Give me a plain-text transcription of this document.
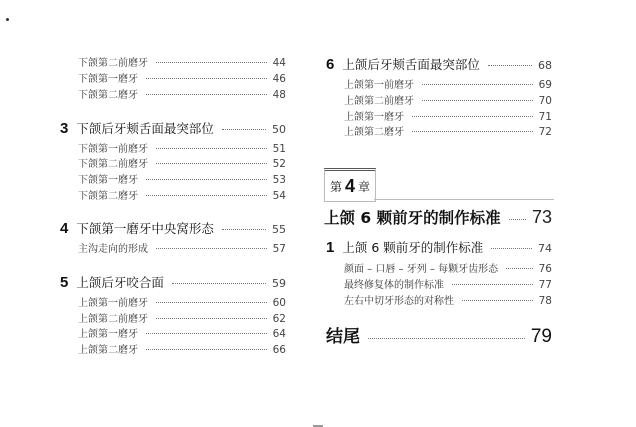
下颌第二前磨牙	44
下颌第一磨牙	46
下颌第二磨牙	48
3 下颌后牙颊舌面最突部位	50
下颌第一前磨牙	51
下颌第二前磨牙	52
下颌第一磨牙	53
下颌第二磨牙	54
4 下颌第一磨牙中央窝形态	55
主沟走向的形成	57
5 上颌后牙咬合面	59
上颌第一前磨牙	60
上颌第二前磨牙	62
上颌第一磨牙	64
上颌第二磨牙	66
6 上颌后牙颊舌面最突部位	68
上颌第一前磨牙	69
上颌第二前磨牙	70
上颌第一磨牙	71
上颌第二磨牙	72
第 4 章
上颌 6 颗前牙的制作标准 73
1 上颌 6 颗前牙的制作标准	74
颜面 – 口唇 – 牙列 – 每颗牙齿形态	76
最终修复体的制作标准	77
左右中切牙形态的对称性	78
结尾	79
